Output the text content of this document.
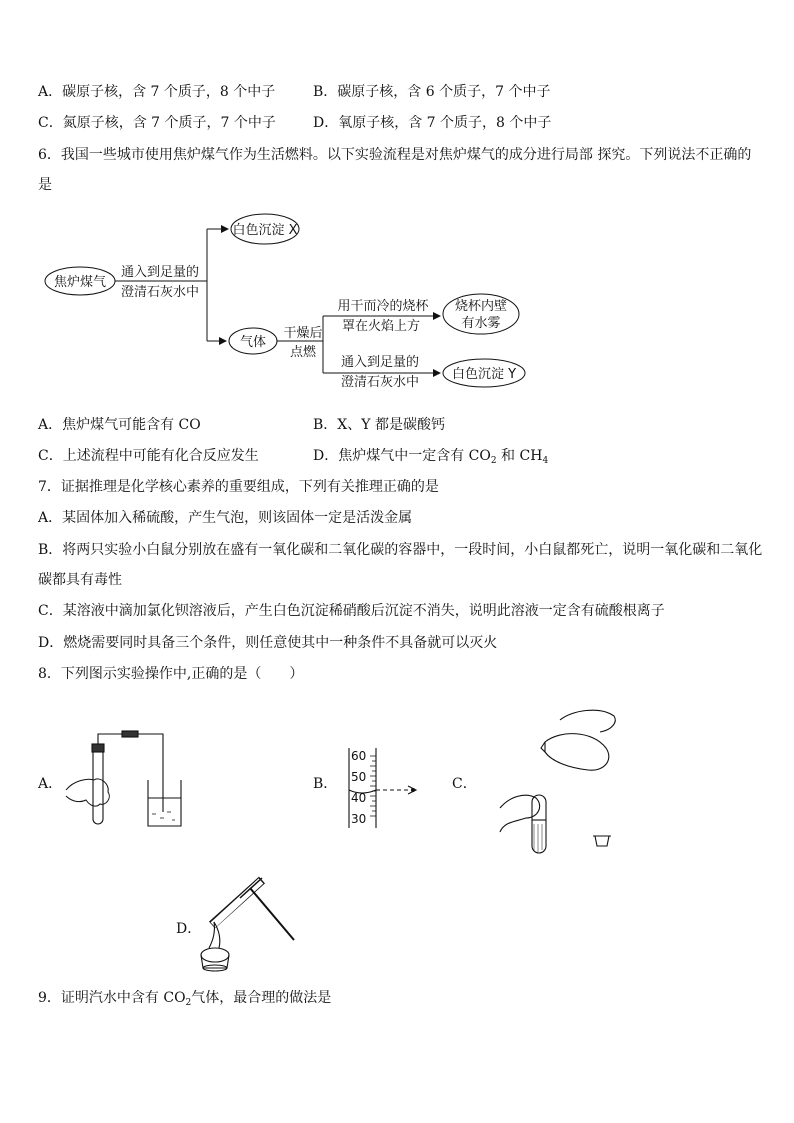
A．碳原子核，含 7 个质子，8 个中子	B．碳原子核，含 6 个质子，7 个中子
C．氮原子核，含 7 个质子，7 个中子	D．氧原子核，含 7 个质子，8 个中子
6．我国一些城市使用焦炉煤气作为生活燃料。以下实验流程是对焦炉煤气的成分进行局部 探究。下列说法不正确的
是
焦炉煤气
通入到足量的
澄清石灰水中
白色沉淀 X
气体
干燥后
点燃
用干而冷的烧杯
罩在火焰上方
烧杯内壁
有水雾
通入到足量的
澄清石灰水中
白色沉淀 Y
A．焦炉煤气可能含有 CO	B．X、Y 都是碳酸钙
C．上述流程中可能有化合反应发生	D．焦炉煤气中一定含有 $CO_2$ 和 $CH_4$
7．证据推理是化学核心素养的重要组成，下列有关推理正确的是
A．某固体加入稀硫酸，产生气泡，则该固体一定是活泼金属
B．将两只实验小白鼠分别放在盛有一氧化碳和二氧化碳的容器中，一段时间，小白鼠都死亡，说明一氧化碳和二氧化
碳都具有毒性
C．某溶液中滴加氯化钡溶液后，产生白色沉淀稀硝酸后沉淀不消失，说明此溶液一定含有硫酸根离子
D．燃烧需要同时具备三个条件，则任意使其中一种条件不具备就可以灭火
8．下列图示实验操作中,正确的是（　　）
A．	B．	C．
D．
60
50
40
30
9．证明汽水中含有 $CO_2$气体，最合理的做法是
